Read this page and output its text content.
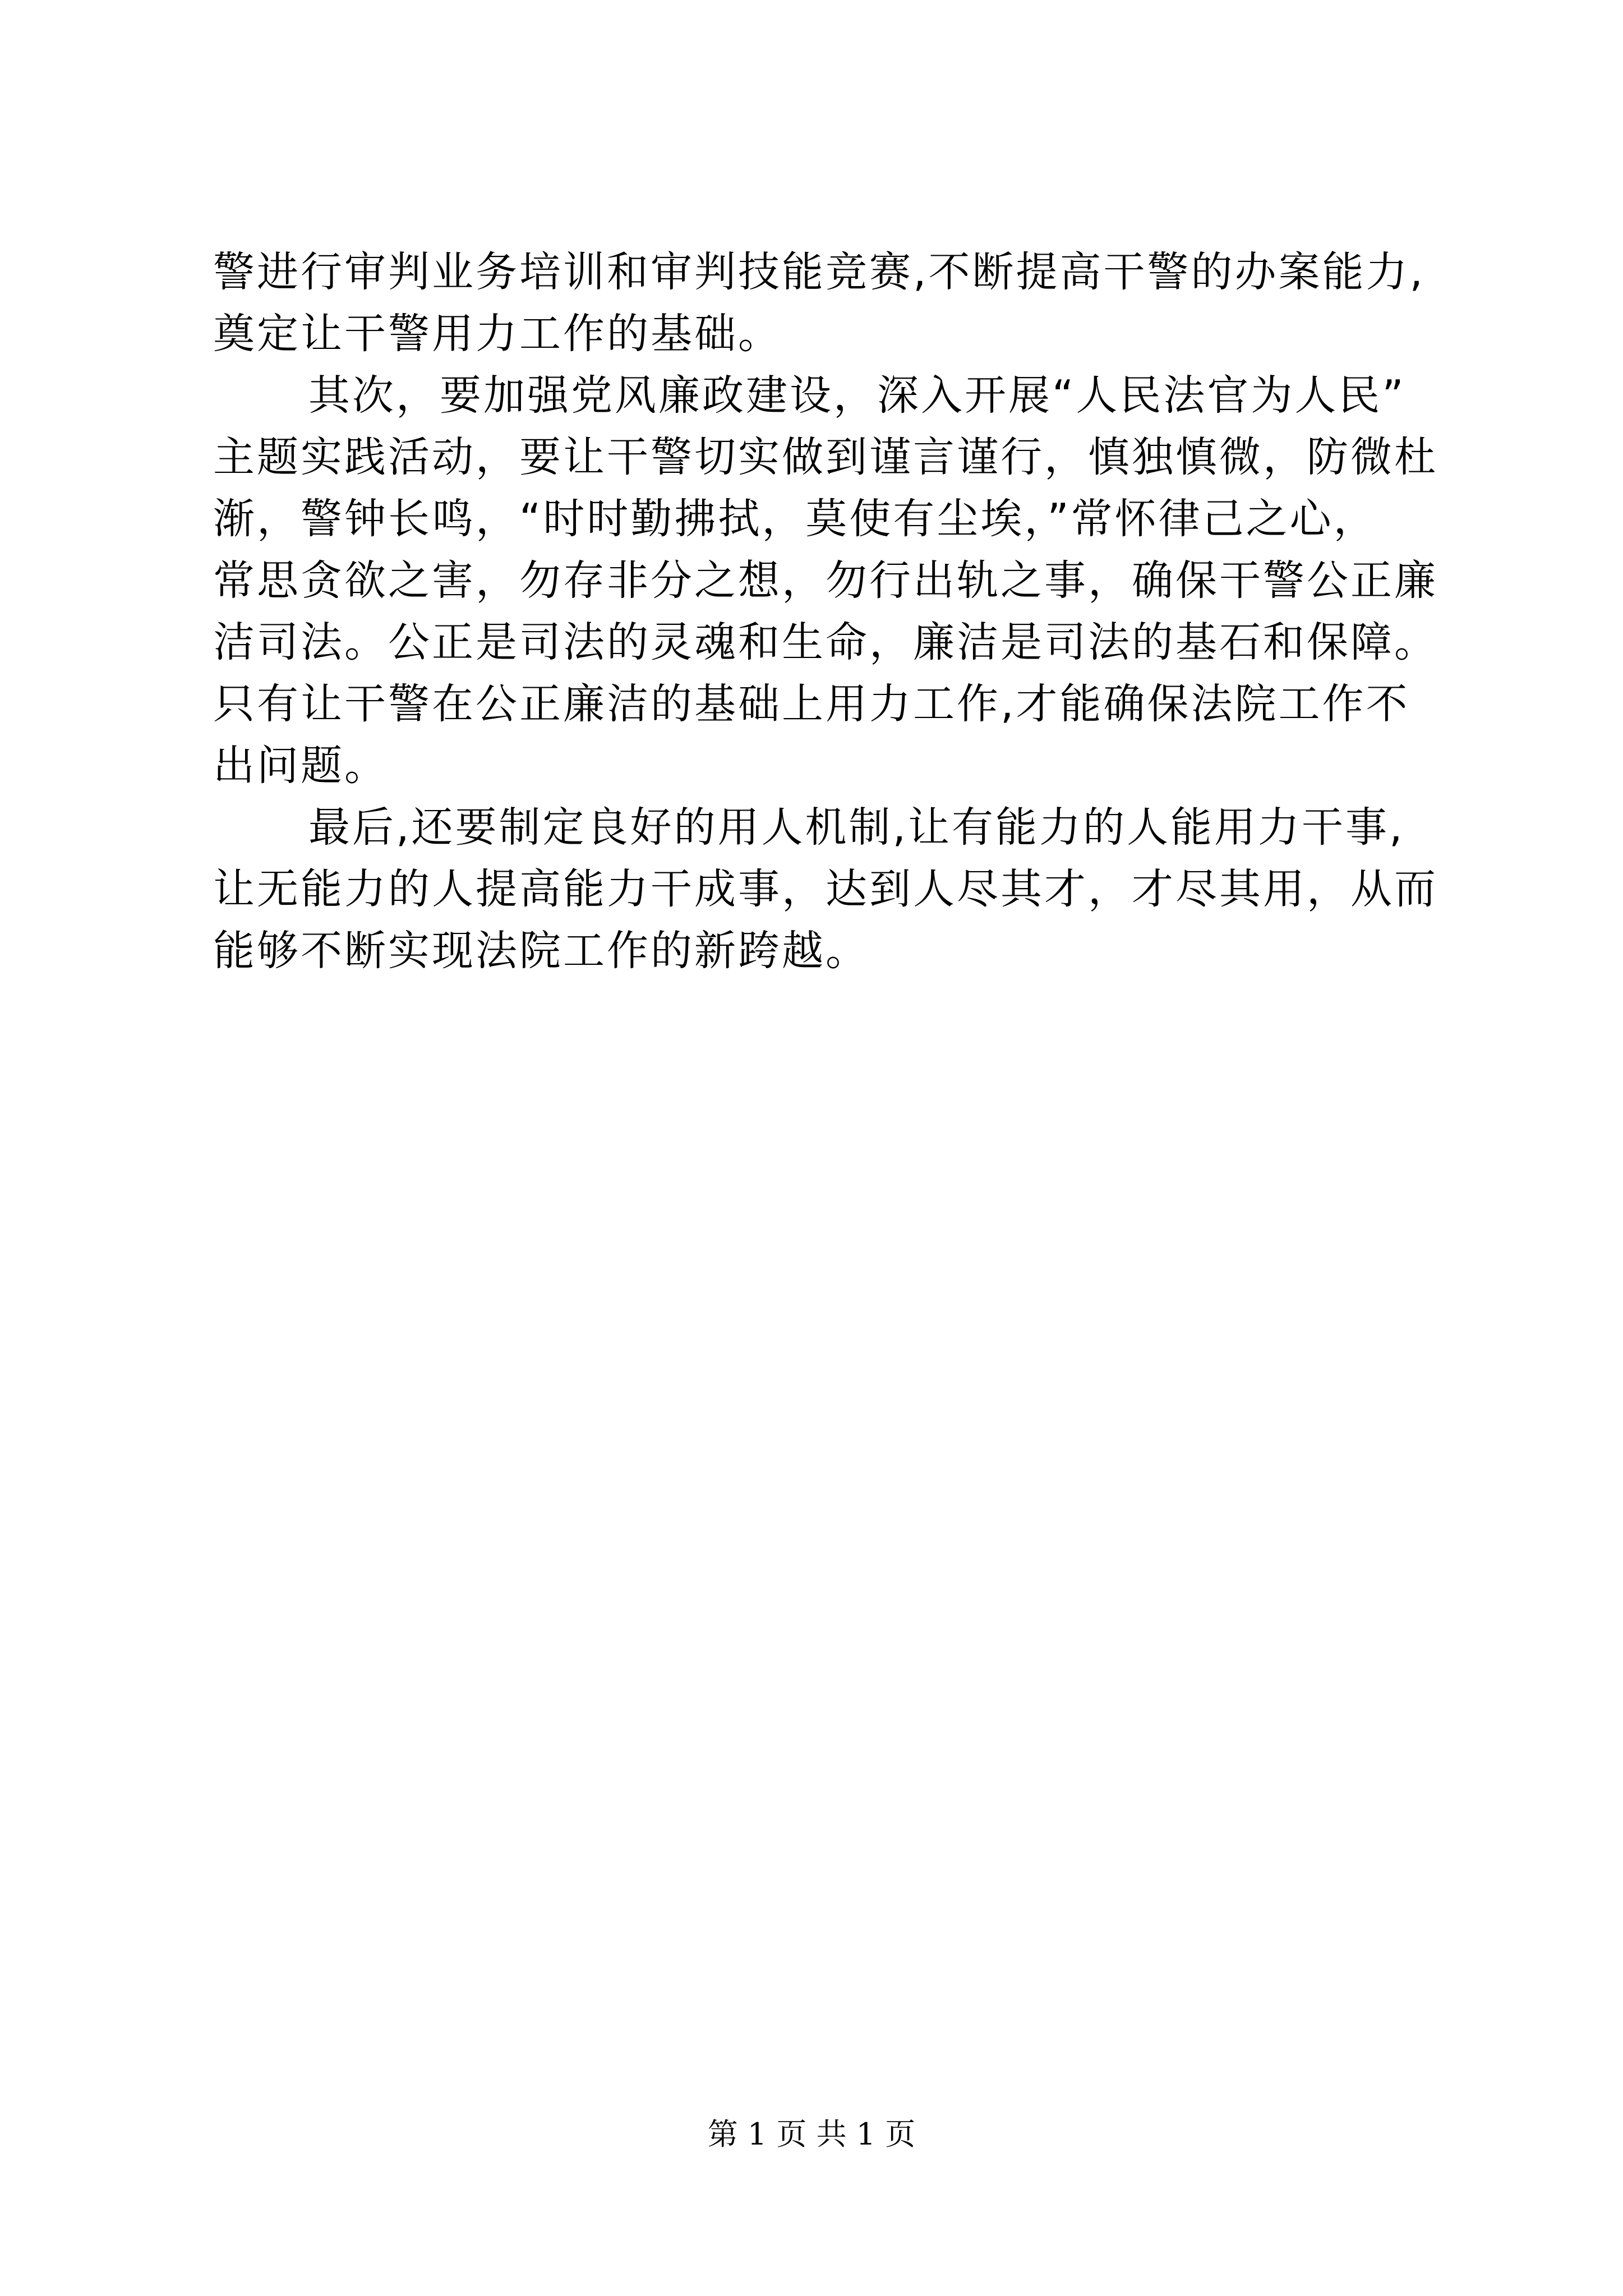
警进行审判业务培训和审判技能竞赛,不断提高干警的办案能力,
奠定让干警用力工作的基础。
其次，要加强党风廉政建设，深入开展“人民法官为人民”
主题实践活动，要让干警切实做到谨言谨行，慎独慎微，防微杜
渐，警钟长鸣，“时时勤拂拭，莫使有尘埃，”常怀律己之心，
常思贪欲之害，勿存非分之想，勿行出轨之事，确保干警公正廉
洁司法。公正是司法的灵魂和生命，廉洁是司法的基石和保障。
只有让干警在公正廉洁的基础上用力工作,才能确保法院工作不
出问题。
最后,还要制定良好的用人机制,让有能力的人能用力干事,
让无能力的人提高能力干成事，达到人尽其才，才尽其用，从而
能够不断实现法院工作的新跨越。
第 1 页 共 1 页
